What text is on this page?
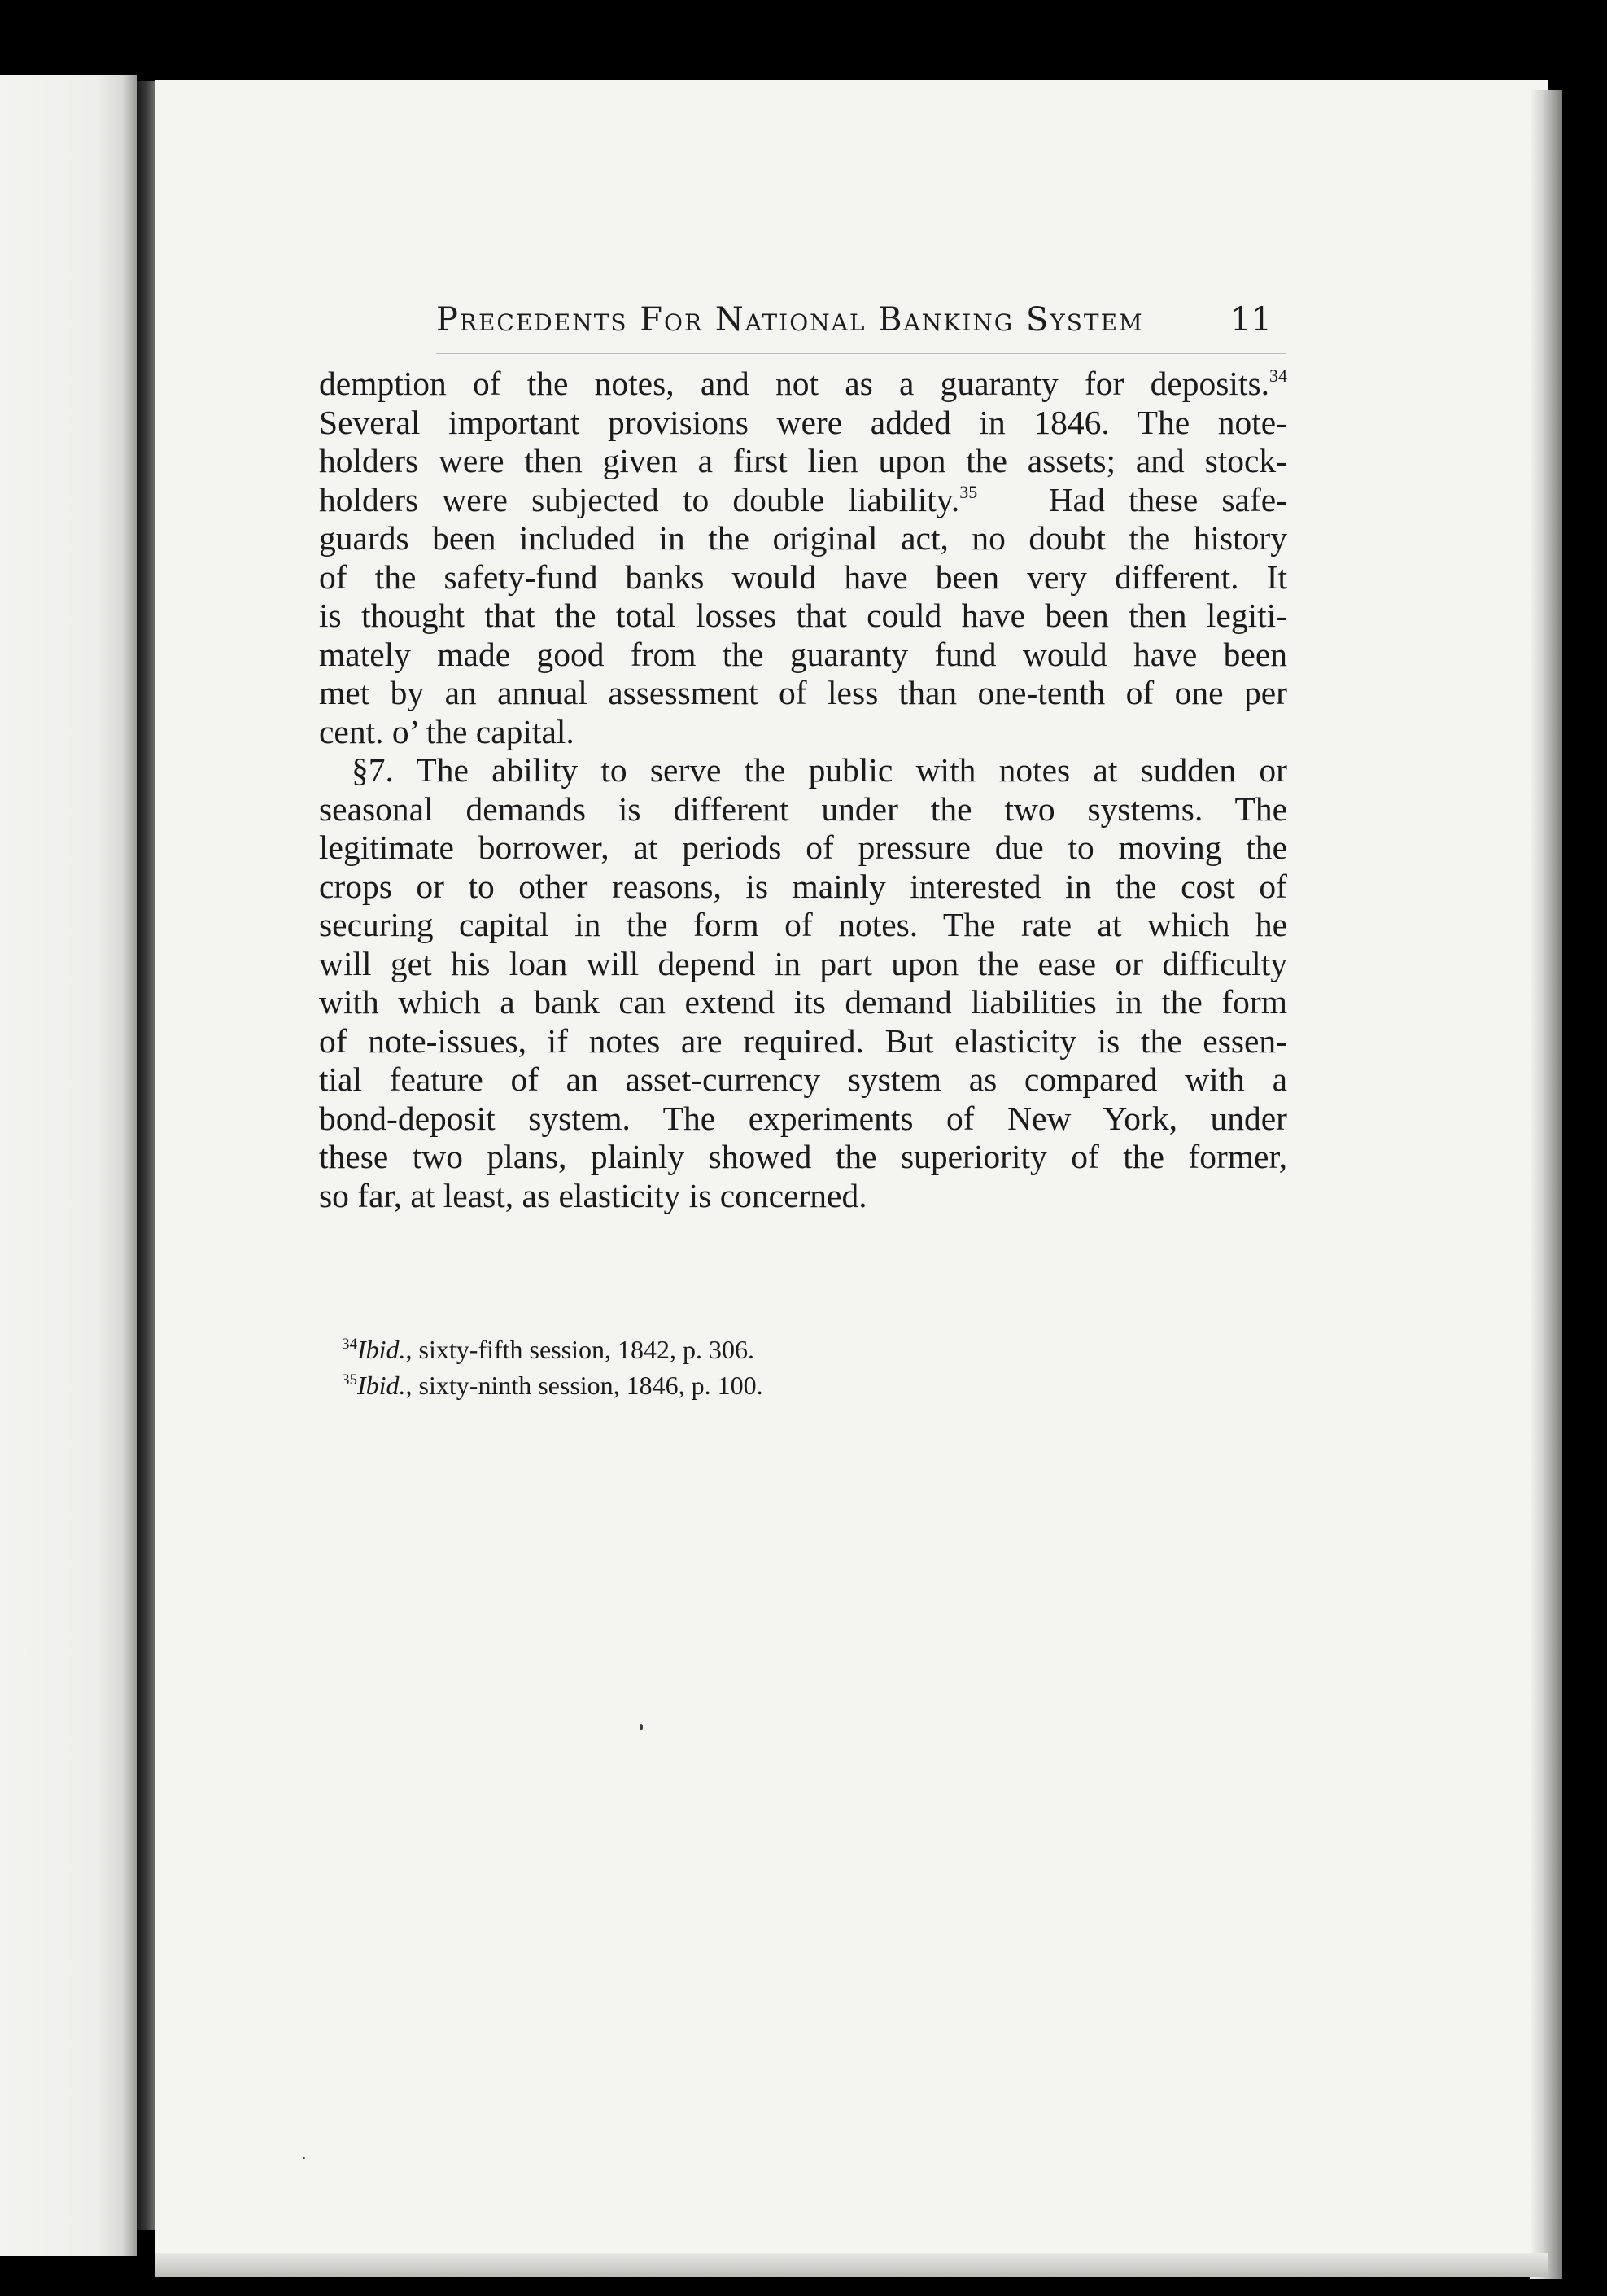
Precedents For National Banking System	11
demption of the notes, and not as a guaranty for deposits.$^{34}$
Several important provisions were added in 1846. The note-
holders were then given a first lien upon the assets; and stock-
holders were subjected to double liability.$^{35}$ Had these safe-
guards been included in the original act, no doubt the history
of the safety-fund banks would have been very different. It
is thought that the total losses that could have been then legiti-
mately made good from the guaranty fund would have been
met by an annual assessment of less than one-tenth of one per
cent. o’ the capital.
§7. The ability to serve the public with notes at sudden or
seasonal demands is different under the two systems. The
legitimate borrower, at periods of pressure due to moving the
crops or to other reasons, is mainly interested in the cost of
securing capital in the form of notes. The rate at which he
will get his loan will depend in part upon the ease or difficulty
with which a bank can extend its demand liabilities in the form
of note-issues, if notes are required. But elasticity is the essen-
tial feature of an asset-currency system as compared with a
bond-deposit system. The experiments of New York, under
these two plans, plainly showed the superiority of the former,
so far, at least, as elasticity is concerned.
$^{34}$Ibid., sixty-fifth session, 1842, p. 306.
$^{35}$Ibid., sixty-ninth session, 1846, p. 100.
